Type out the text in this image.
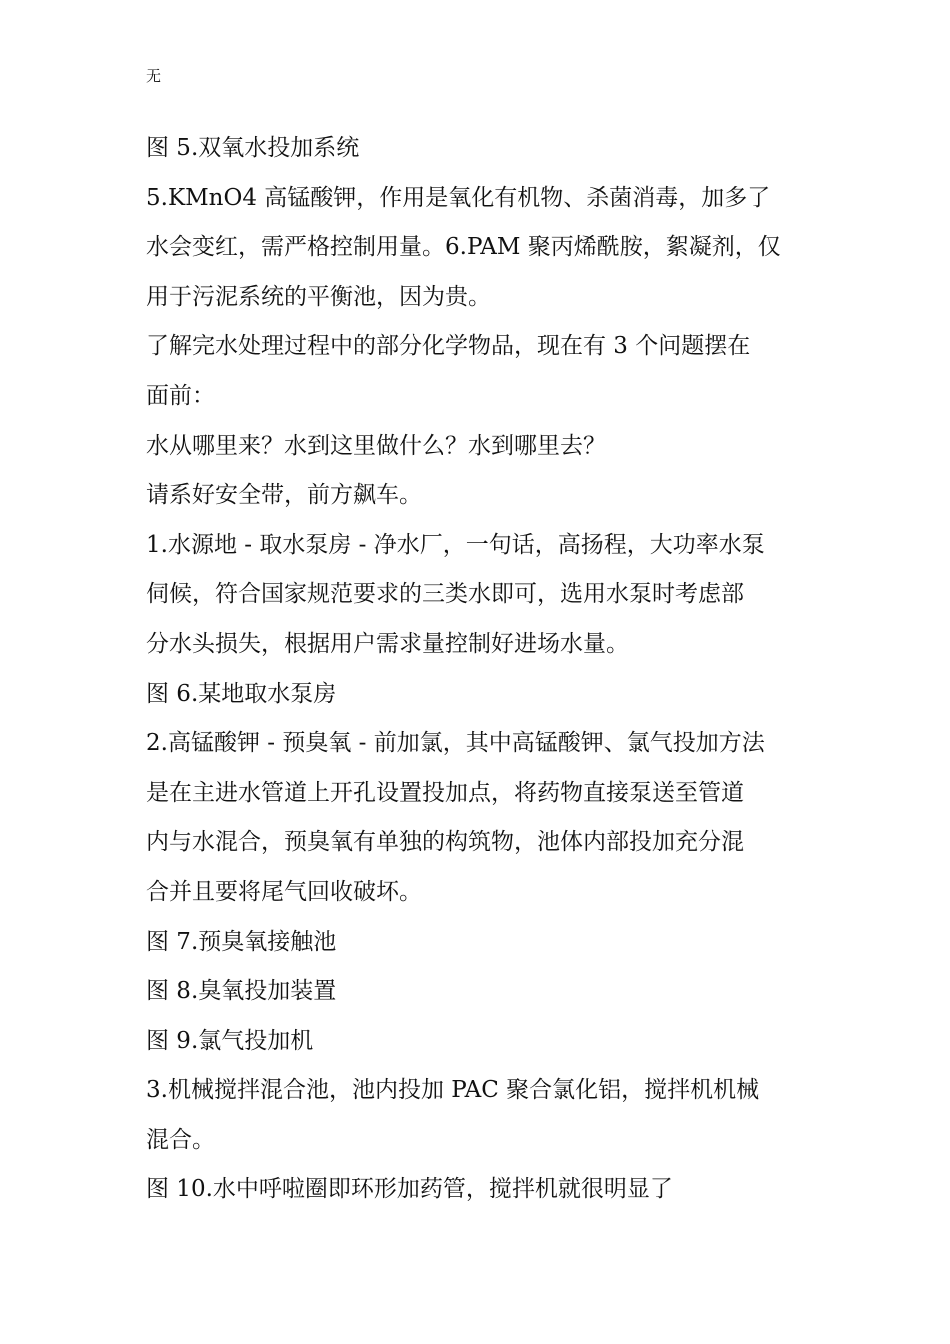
无

图 5.双氧水投加系统

5.KMnO4 高锰酸钾，作用是氧化有机物、杀菌消毒，加多了

水会变红，需严格控制用量。6.PAM 聚丙烯酰胺，絮凝剂，仅

用于污泥系统的平衡池，因为贵。

了解完水处理过程中的部分化学物品，现在有 3 个问题摆在

面前：

水从哪里来？水到这里做什么？水到哪里去？

请系好安全带，前方飙车。

1.水源地 - 取水泵房 - 净水厂，一句话，高扬程，大功率水泵

伺候，符合国家规范要求的三类水即可，选用水泵时考虑部

分水头损失，根据用户需求量控制好进场水量。

图 6.某地取水泵房

2.高锰酸钾 - 预臭氧 - 前加氯，其中高锰酸钾、氯气投加方法

是在主进水管道上开孔设置投加点，将药物直接泵送至管道

内与水混合，预臭氧有单独的构筑物，池体内部投加充分混

合并且要将尾气回收破坏。

图 7.预臭氧接触池

图 8.臭氧投加装置

图 9.氯气投加机

3.机械搅拌混合池，池内投加 PAC 聚合氯化铝，搅拌机机械

混合。

图 10.水中呼啦圈即环形加药管，搅拌机就很明显了
